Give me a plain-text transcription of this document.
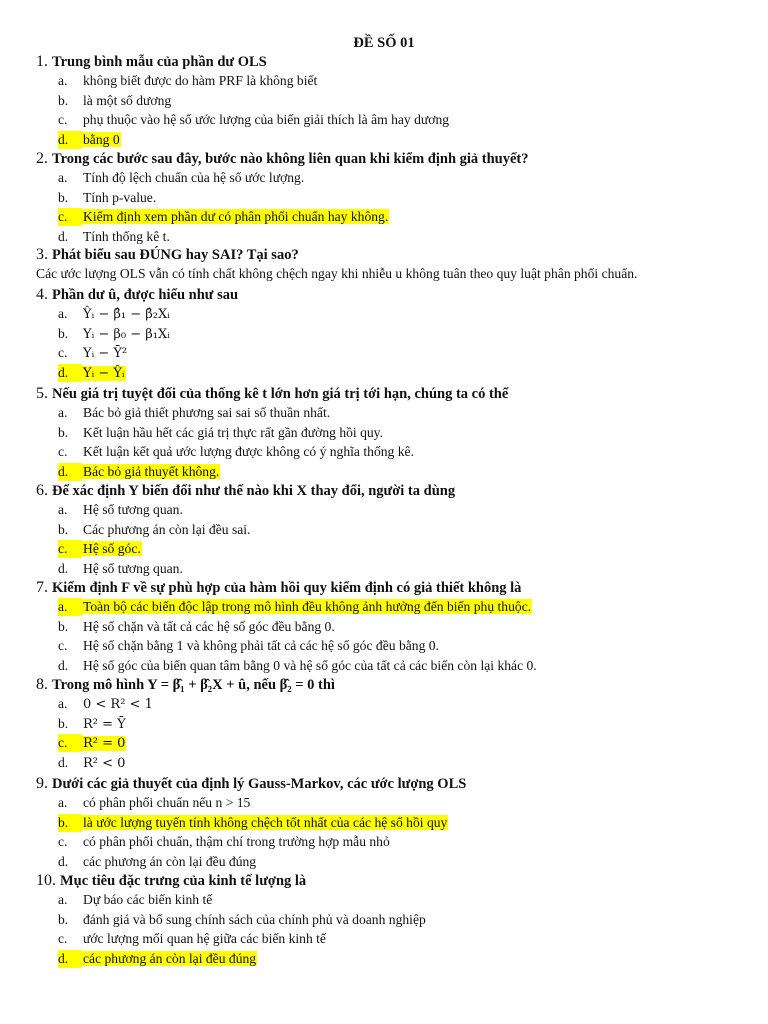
ĐỀ SỐ 01
1. Trung bình mẫu của phần dư OLS
a. không biết được do hàm PRF là không biết
b. là một số dương
c. phụ thuộc vào hệ số ước lượng của biến giải thích là âm hay dương
d. bằng 0
2. Trong các bước sau đây, bước nào không liên quan khi kiểm định giả thuyết?
a. Tính độ lệch chuẩn của hệ số ước lượng.
b. Tính p-value.
c. Kiểm định xem phần dư có phân phối chuẩn hay không.
d. Tính thống kê t.
3. Phát biểu sau ĐÚNG hay SAI? Tại sao?
Các ước lượng OLS vẫn có tính chất không chệch ngay khi nhiễu u không tuân theo quy luật phân phối chuẩn.
4. Phần dư û, được hiểu như sau
a. Ŷᵢ − β̂₁ − β̂₂Xᵢ
b. Yᵢ − β₀ − β₁Xᵢ
c. Yᵢ − Ȳ²
d. Yᵢ − Ŷᵢ
5. Nếu giá trị tuyệt đối của thống kê t lớn hơn giá trị tới hạn, chúng ta có thể
a. Bác bỏ giả thiết phương sai sai số thuần nhất.
b. Kết luận hầu hết các giá trị thực rất gần đường hồi quy.
c. Kết luận kết quả ước lượng được không có ý nghĩa thống kê.
d. Bác bỏ giả thuyết không.
6. Để xác định Y biến đổi như thế nào khi X thay đổi, người ta dùng
a. Hệ số tương quan.
b. Các phương án còn lại đều sai.
c. Hệ số góc.
d. Hệ số tương quan.
7. Kiểm định F về sự phù hợp của hàm hồi quy kiểm định có giả thiết không là
a. Toàn bộ các biến độc lập trong mô hình đều không ảnh hưởng đến biến phụ thuộc.
b. Hệ số chặn và tất cả các hệ số góc đều bằng 0.
c. Hệ số chặn bằng 1 và không phải tất cả các hệ số góc đều bằng 0.
d. Hệ số góc của biến quan tâm bằng 0 và hệ số góc của tất cả các biến còn lại khác 0.
8. Trong mô hình Y = β̂₁ + β̂₂X + û, nếu β̂₂ = 0 thì
a. 0 < R² < 1
b. R² = Ȳ
c. R² = 0
d. R² < 0
9. Dưới các giả thuyết của định lý Gauss-Markov, các ước lượng OLS
a. có phân phối chuẩn nếu n > 15
b. là ước lượng tuyến tính không chệch tốt nhất của các hệ số hồi quy
c. có phân phối chuẩn, thậm chí trong trường hợp mẫu nhỏ
d. các phương án còn lại đều đúng
10. Mục tiêu đặc trưng của kinh tế lượng là
a. Dự báo các biến kinh tế
b. đánh giá và bổ sung chính sách của chính phủ và doanh nghiệp
c. ước lượng mối quan hệ giữa các biến kinh tế
d. các phương án còn lại đều đúng
